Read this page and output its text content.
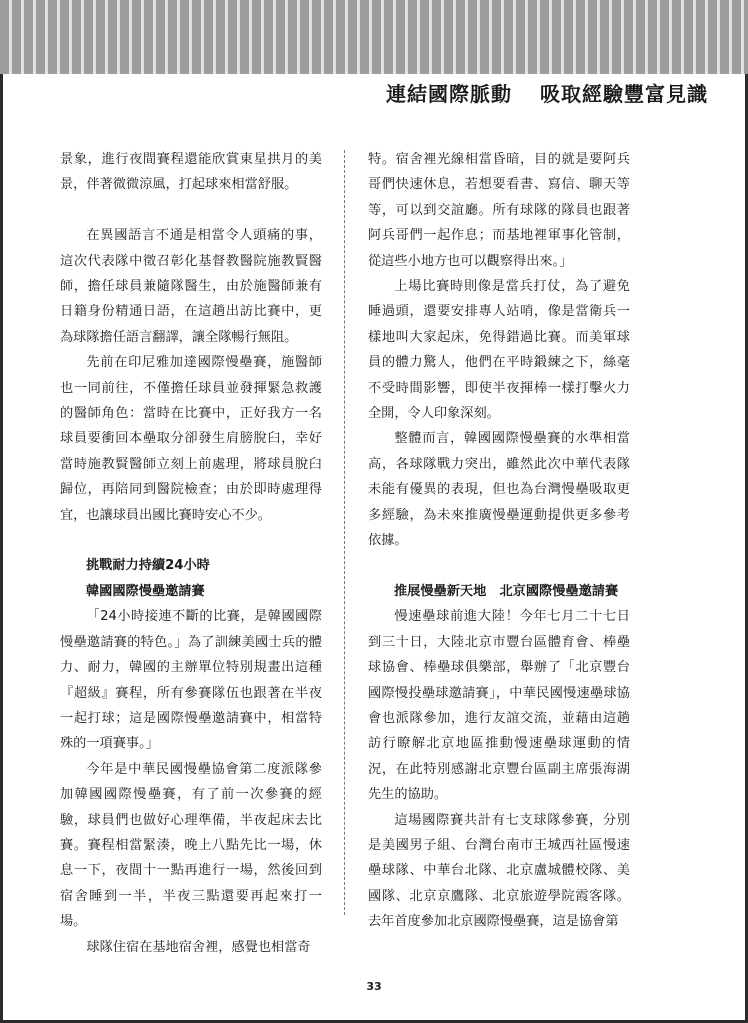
連結國際脈動 吸取經驗豐富見識

景象，進行夜間賽程還能欣賞東星拱月的美景，伴著微微涼風，打起球來相當舒服。

在異國語言不通是相當令人頭痛的事，這次代表隊中徵召彰化基督教醫院施教賢醫師，擔任球員兼隨隊醫生，由於施醫師兼有日籍身份精通日語，在這趟出訪比賽中，更為球隊擔任語言翻譯，讓全隊暢行無阻。

先前在印尼雅加達國際慢壘賽，施醫師也一同前往，不僅擔任球員並發揮緊急救護的醫師角色：當時在比賽中，正好我方一名球員要衝回本壘取分卻發生肩膀脫臼，幸好當時施教賢醫師立刻上前處理，將球員脫臼歸位，再陪同到醫院檢查；由於即時處理得宜，也讓球員出國比賽時安心不少。

挑戰耐力持續24小時

韓國國際慢壘邀請賽

「24小時接連不斷的比賽，是韓國國際慢壘邀請賽的特色。」為了訓練美國士兵的體力、耐力，韓國的主辦單位特別規畫出這種『超級』賽程，所有參賽隊伍也跟著在半夜一起打球；這是國際慢壘邀請賽中，相當特殊的一項賽事。」

今年是中華民國慢壘協會第二度派隊參加韓國國際慢壘賽，有了前一次參賽的經驗，球員們也做好心理準備，半夜起床去比賽。賽程相當緊湊，晚上八點先比一場，休息一下，夜間十一點再進行一場，然後回到宿舍睡到一半，半夜三點還要再起來打一場。

球隊住宿在基地宿舍裡，感覺也相當奇

特。宿舍裡光線相當昏暗，目的就是要阿兵哥們快速休息，若想要看書、寫信、聊天等等，可以到交誼廳。所有球隊的隊員也跟著阿兵哥們一起作息；而基地裡軍事化管制，從這些小地方也可以觀察得出來。」

上場比賽時則像是當兵打仗，為了避免睡過頭，還要安排專人站哨，像是當衛兵一樣地叫大家起床，免得錯過比賽。而美軍球員的體力驚人，他們在平時鍛練之下，絲毫不受時間影響，即使半夜揮棒一樣打擊火力全開，令人印象深刻。

整體而言，韓國國際慢壘賽的水準相當高，各球隊戰力突出，雖然此次中華代表隊未能有優異的表現，但也為台灣慢壘吸取更多經驗，為未來推廣慢壘運動提供更多參考依據。

推展慢壘新天地　北京國際慢壘邀請賽

慢速壘球前進大陸！今年七月二十七日到三十日，大陸北京市豐台區體育會、棒壘球協會、棒壘球俱樂部，舉辦了「北京豐台國際慢投壘球邀請賽」，中華民國慢速壘球協會也派隊參加，進行友誼交流，並藉由這趟訪行瞭解北京地區推動慢速壘球運動的情況，在此特別感謝北京豐台區副主席張海湖先生的協助。

這場國際賽共計有七支球隊參賽，分別是美國男子組、台灣台南市王城西社區慢速壘球隊、中華台北隊、北京盧城體校隊、美國隊、北京京鷹隊、北京旅遊學院霞客隊。去年首度參加北京國際慢壘賽，這是協會第

33
